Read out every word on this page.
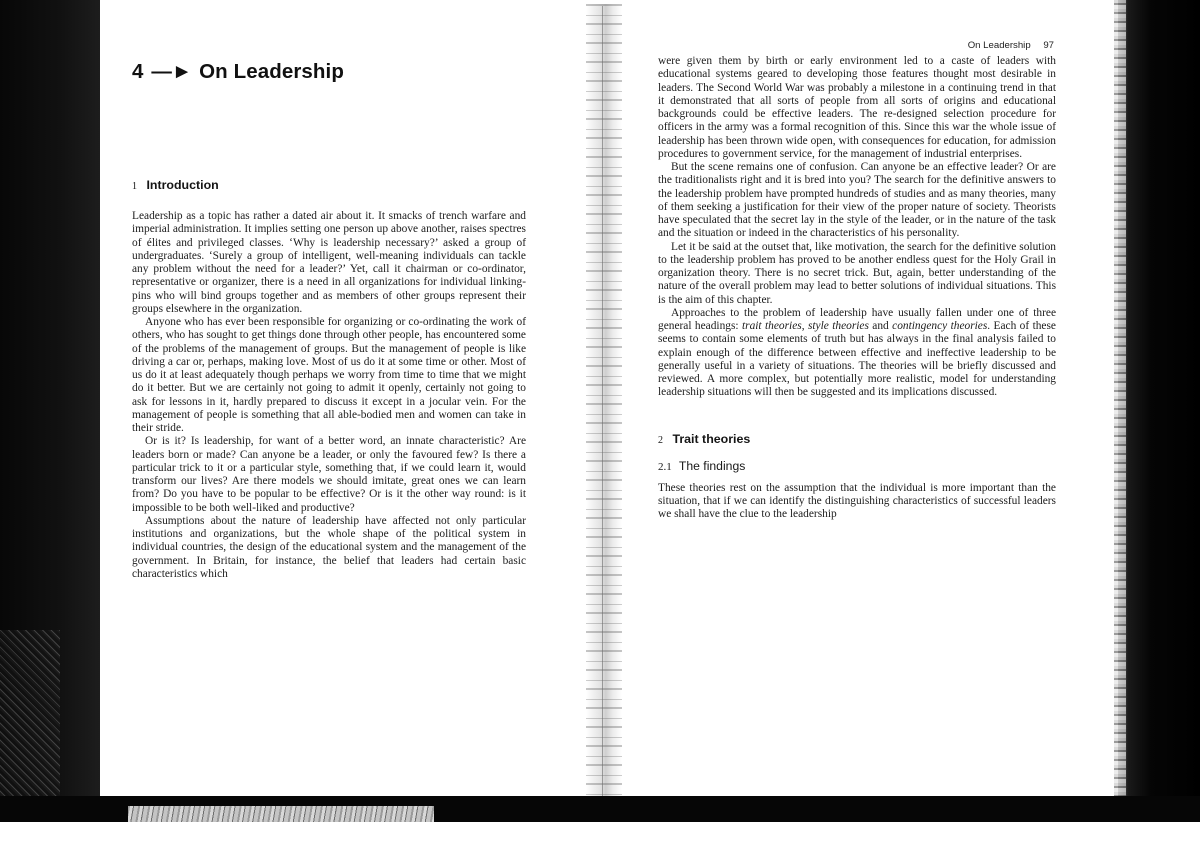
4 —► On Leadership
1 Introduction

Leadership as a topic has rather a dated air about it. It smacks of trench warfare and imperial administration. It implies setting one person up above another, raises spectres of élites and privileged classes. ‘Why is leadership necessary?’ asked a group of undergraduates. ‘Surely a group of intelligent, well-meaning individuals can tackle any problem without the need for a leader?’ Yet, call it chairman or co-ordinator, representative or organizer, there is a need in all organizations for individual linking-pins who will bind groups together and as members of other groups represent their groups elsewhere in the organization.

Anyone who has ever been responsible for organizing or co-ordinating the work of others, who has sought to get things done through other people, has encountered some of the problems of the management of groups. But the management of people is like driving a car or, perhaps, making love. Most of us do it at some time or other. Most of us do it at least adequately though perhaps we worry from time to time that we might do it better. But we are certainly not going to admit it openly, certainly not going to ask for lessons in it, hardly prepared to discuss it except in a jocular vein. For the management of people is something that all able-bodied men and women can take in their stride.

Or is it? Is leadership, for want of a better word, an innate characteristic? Are leaders born or made? Can anyone be a leader, or only the favoured few? Is there a particular trick to it or a particular style, something that, if we could learn it, would transform our lives? Are there models we should imitate, great ones we can learn from? Do you have to be popular to be effective? Or is it the other way round: is it impossible to be both well-liked and productive?

Assumptions about the nature of leadership have affected not only particular institutions and organizations, but the whole shape of the political system in individual countries, the design of the educational system and the management of the government. In Britain, for instance, the belief that leaders had certain basic characteristics which

On Leadership 97

were given them by birth or early environment led to a caste of leaders with educational systems geared to developing those features thought most desirable in leaders. The Second World War was probably a milestone in a continuing trend in that it demonstrated that all sorts of people from all sorts of origins and educational backgrounds could be effective leaders. The re-designed selection procedure for officers in the army was a formal recognition of this. Since this war the whole issue of leadership has been thrown wide open, with consequences for education, for admission procedures to government service, for the management of industrial enterprises.

But the scene remains one of confusion. Can anyone be an effective leader? Or are the traditionalists right and it is bred into you? The search for the definitive answers to the leadership problem have prompted hundreds of studies and as many theories, many of them seeking a justification for their view of the proper nature of society. Theorists have speculated that the secret lay in the style of the leader, or in the nature of the task and the situation or indeed in the characteristics of his personality.

Let it be said at the outset that, like motivation, the search for the definitive solution to the leadership problem has proved to be another endless quest for the Holy Grail in organization theory. There is no secret trick. But, again, better understanding of the nature of the overall problem may lead to better solutions of individual situations. This is the aim of this chapter.

Approaches to the problem of leadership have usually fallen under one of three general headings: trait theories, style theories and contingency theories. Each of these seems to contain some elements of truth but has always in the final analysis failed to explain enough of the difference between effective and ineffective leadership to be generally useful in a variety of situations. The theories will be briefly discussed and reviewed. A more complex, but potentially more realistic, model for understanding leadership situations will then be suggested and its implications discussed.

2 Trait theories
2.1 The findings

These theories rest on the assumption that the individual is more important than the situation, that if we can identify the distinguishing characteristics of successful leaders we shall have the clue to the leadership
